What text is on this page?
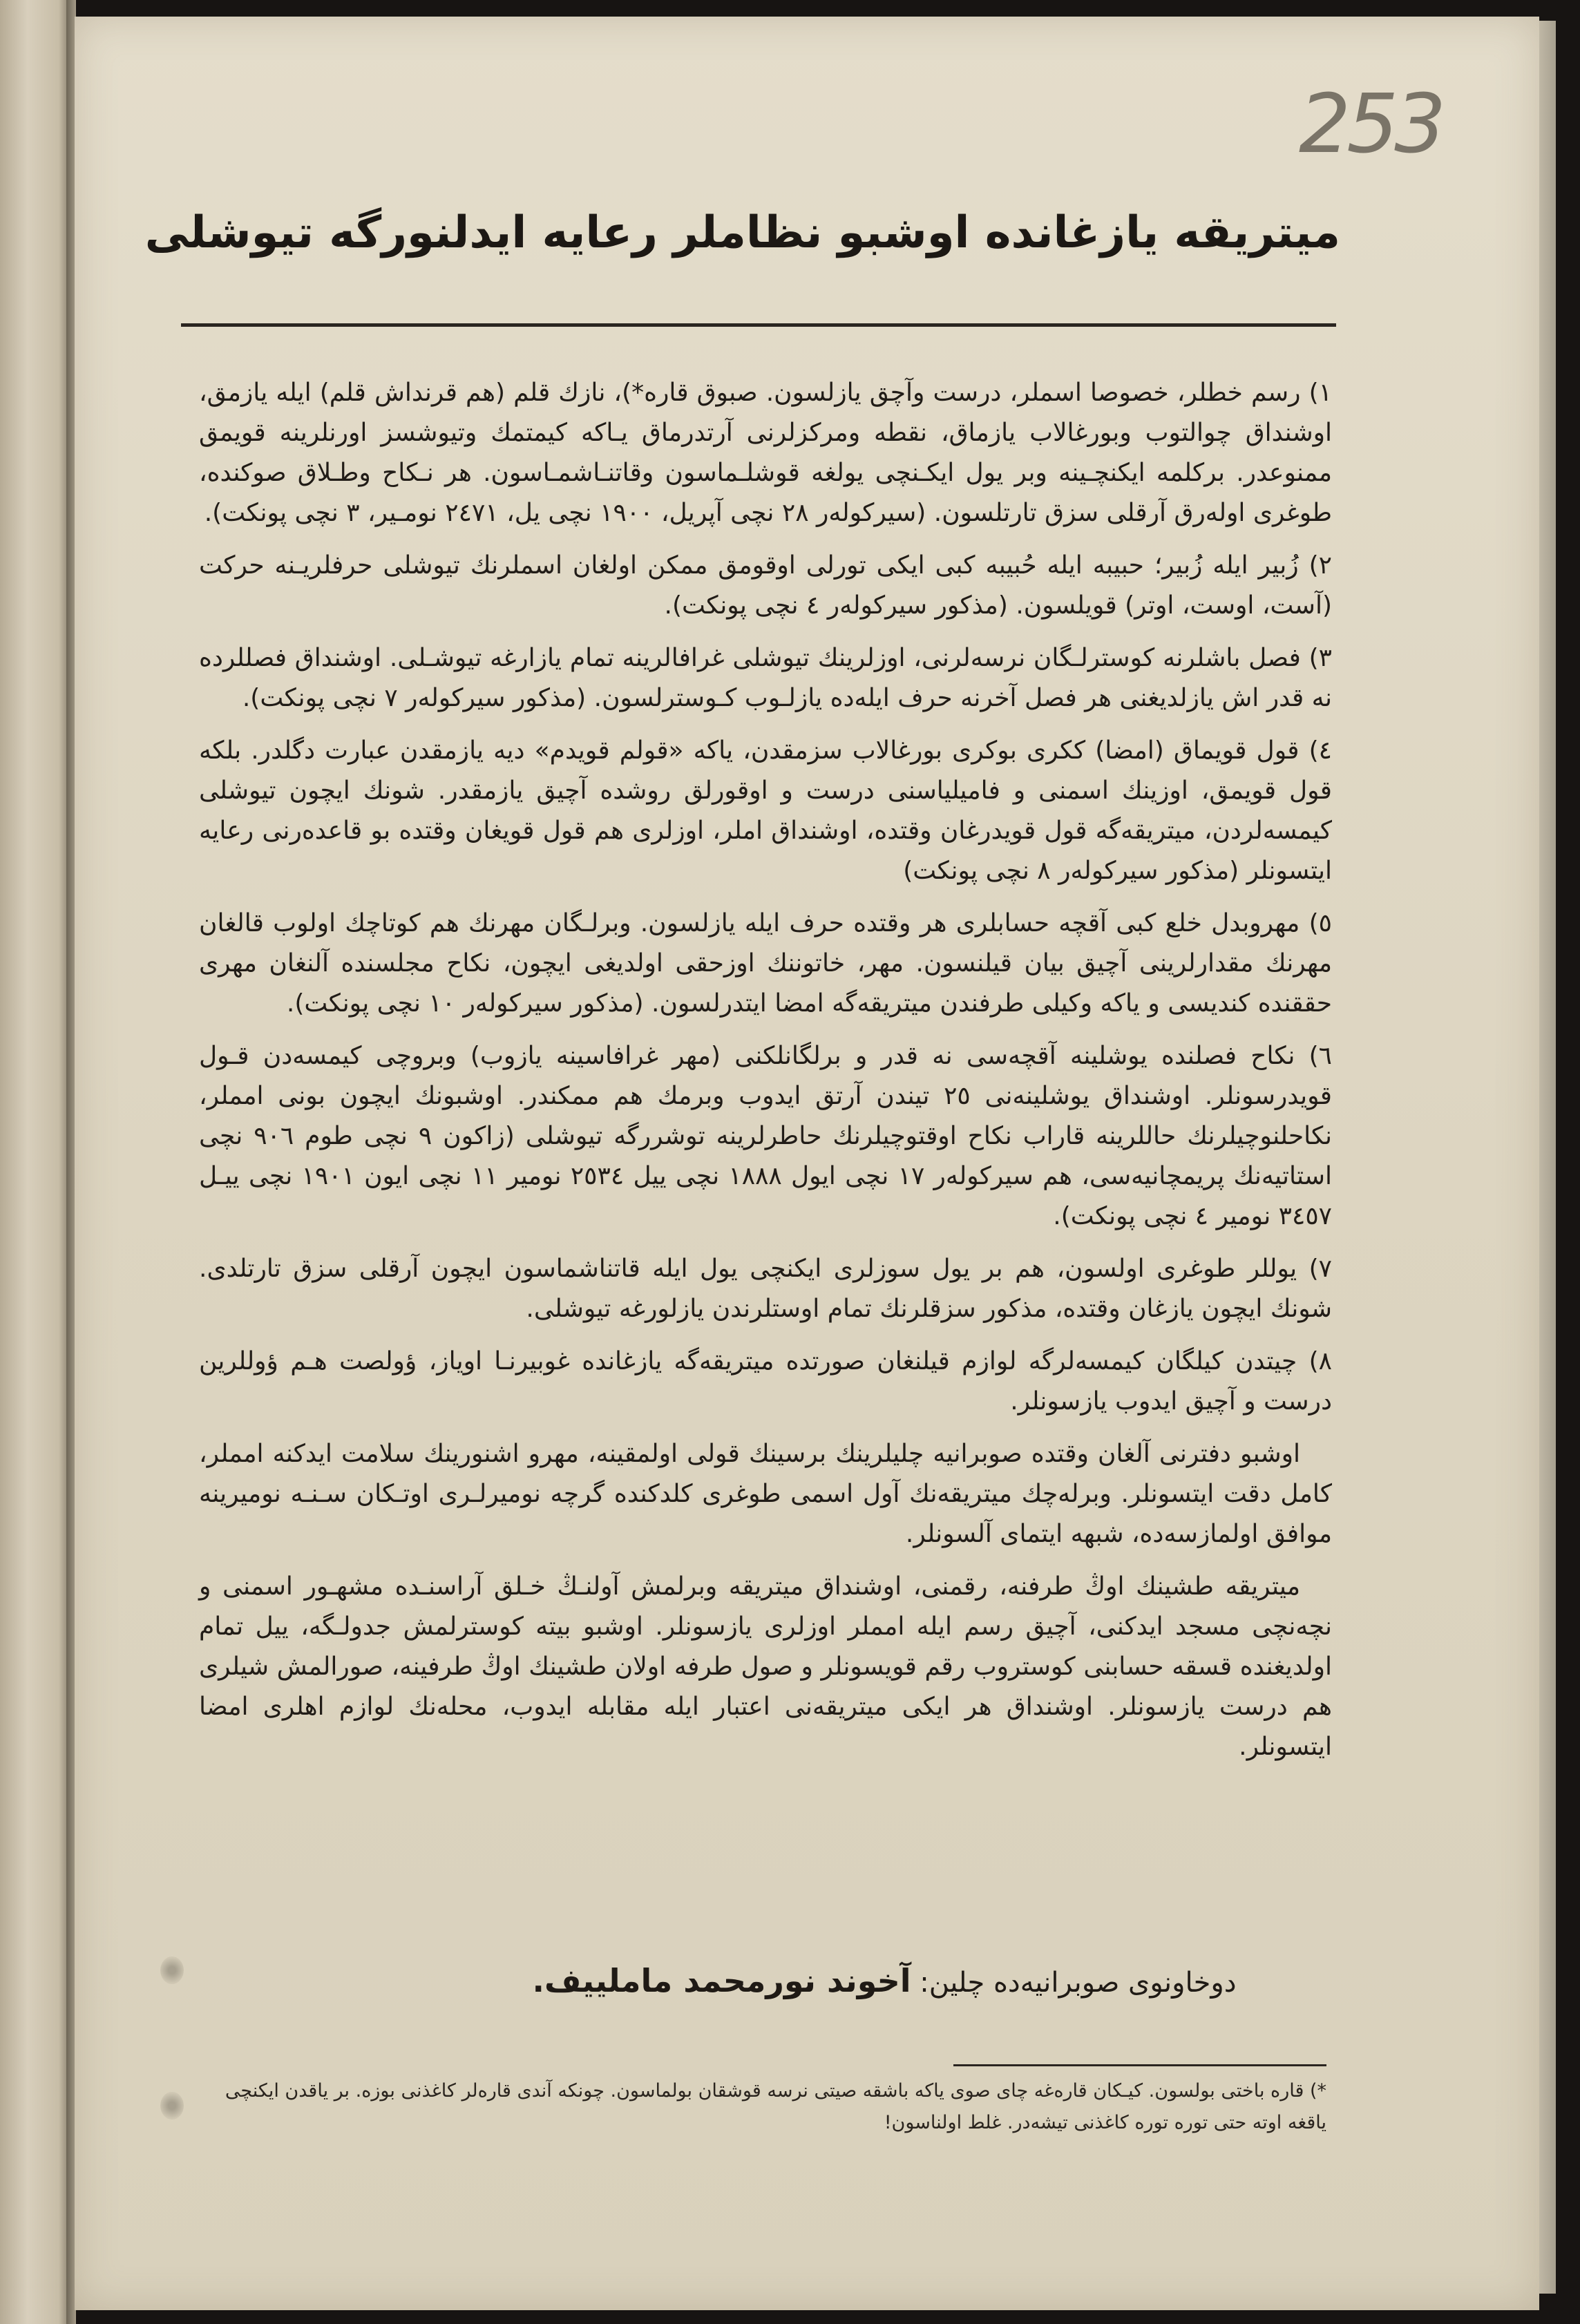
253
میتریقه یازغانده اوشبو نظاملر رعایه ایدلنورگه تیوشلی

١) رسم خطلر، خصوصا اسملر، درست وآچق یازلسون. صبوق قاره*)، نازك قلم (هم قرنداش قلم) ایله یازمق، اوشنداق چوالتوب وبورغالاب یازماق، نقطه ومرکزلرنی آرتدرماق یـاکه کیمتمك وتیوشسز اورنلرینه قویمق ممنوعدر. برکلمه ایکنچـینه وبر یول ایکـنچی یولغه قوشلـماسون وقاتنـاشمـاسون. هر نـکاح وطـلاق صوکنده، طوغری اولەرق آرقلی سزق تارتلسون. (سیرکولەر ٢٨ نچی آپریل، ١٩٠٠ نچی یل، ٢٤٧١ نومـیر، ٣ نچی پونکت).

٢) زُبیر ایله زُبیر؛ حبیبه ایله حُبیبه کبی ایکی تورلی اوقومق ممکن اولغان اسملرنك تیوشلی حرفلریـنه حرکت (آست، اوست، اوتر) قویلسون. (مذکور سیرکولەر ٤ نچی پونکت).

٣) فصل باشلرنه کوسترلـگان نرسەلرنی، اوزلرینك تیوشلی غرافالرینه تمام یازارغه تیوشـلی. اوشنداق فصللرده نه قدر اش یازلدیغنی هر فصل آخرنه حرف ایلەده یازلـوب کـوسترلسون. (مذکور سیرکولەر ٧ نچی پونکت).

٤) قول قویماق (امضا) ککری بوکری بورغالاب سزمقدن، یاکه «قولم قویدم» دیه یازمقدن عبارت دگلدر. بلکه قول قویمق، اوزینك اسمنی و فامیلیاسنی درست و اوقورلق روشده آچیق یازمقدر. شونك ایچون تیوشلی کیمسەلردن، میتریقەگه قول قویدرغان وقتده، اوشنداق املر، اوزلری هم قول قویغان وقتده بو قاعدەرنی رعایه ایتسونلر (مذکور سیرکولەر ٨ نچی پونکت)

٥) مهروبدل خلع کبی آقچه حسابلری هر وقتده حرف ایله یازلسون. وبرلـگان مهرنك هم کوتاچك اولوب قالغان مهرنك مقدارلرینی آچیق بیان قیلنسون. مهر، خاتوننك اوزحقی اولدیغی ایچون، نکاح مجلسندە آلنغان مهری حققنده کندیسی و یاکه وکیلی طرفندن میتریقەگه امضا ایتدرلسون. (مذکور سیرکولەر ١٠ نچی پونکت).

٦) نکاح فصلنده یوشلینه آقچەسی نه قدر و برلگانلکنی (مهر غرافاسینه یازوب) وبروچی کیمسەدن قـول قویدرسونلر. اوشنداق یوشلینەنی ٢٥ تیندن آرتق ایدوب وبرمك هم ممکندر. اوشبونك ایچون بونی امملر، نکاحلنوچیلرنك حاللرینه قاراب نکاح اوقتوچیلرنك حاطرلرینه توشررگه تیوشلی (زاکون ٩ نچی طوم ٩٠٦ نچی استاتیەنك پریمچانیەسی، هم سیرکولەر ١٧ نچی ایول ١٨٨٨ نچی ییل ٢٥٣٤ نومیر ١١ نچی ایون ١٩٠١ نچی ییـل ٣٤٥٧ نومیر ٤ نچی پونکت).

٧) یوللر طوغری اولسون، هم بر یول سوزلری ایکنچی یول ایله قاتناشماسون ایچون آرقلی سزق تارتلدی. شونك ایچون یازغان وقتده، مذکور سزقلرنك تمام اوستلرندن یازلورغه تیوشلی.

٨) چیتدن کیلگان کیمسەلرگه لوازم قیلنغان صورتده میتریقەگه یازغانده غوبیرنـا اویاز، ؤولصت هـم ؤوللرین درست و آچیق ایدوب یازسونلر.

اوشبو دفترنی آلغان وقتده صوبرانیه چلیلرینك برسینك قولی اولمقینه، مهرو اشنورینك سلامت ایدکنه امملر، کامل دقت ایتسونلر. وبرلەچك میتریقەنك آول اسمی طوغری کلدکنده گرچه نومیرلـری اوتـکان سـنـه نومیرینه موافق اولمازسەده، شبهه ایتمای آلسونلر.

میتریقه طشینك اوڭ طرفنه، رقمنی، اوشنداق میتریقه وبرلمش آولنـڭ خـلق آراسنـده مشهـور اسمنی و نچەنچی مسجد ایدکنی، آچیق رسم ایله امملر اوزلری یازسونلر. اوشبو بیته کوسترلمش جدولـگه، ییل تمام اولدیغنده قسقه حسابنی کوستروب رقم قویسونلر و صول طرفه اولان طشینك اوڭ طرفینه، صورالمش شیلری هم درست یازسونلر. اوشنداق هر ایکی میتریقەنی اعتبار ایله مقابله ایدوب، محلەنك لوازم اهلری امضا ایتسونلر.

دوخاونوی صوبرانیەده چلین: آخوند نورمحمد مامليیف.
*) قاره باختی بولسون. کیـکان قارەغه چای صوی یاکه باشقه صیتی نرسه قوشقان بولماسون. چونکه آندی قارەلر کاغذنی بوزه. بر یاقدن ایکنچی یاقغه اوته حتی توره توره کاغذنی تیشەدر. غلط اولناسون!
